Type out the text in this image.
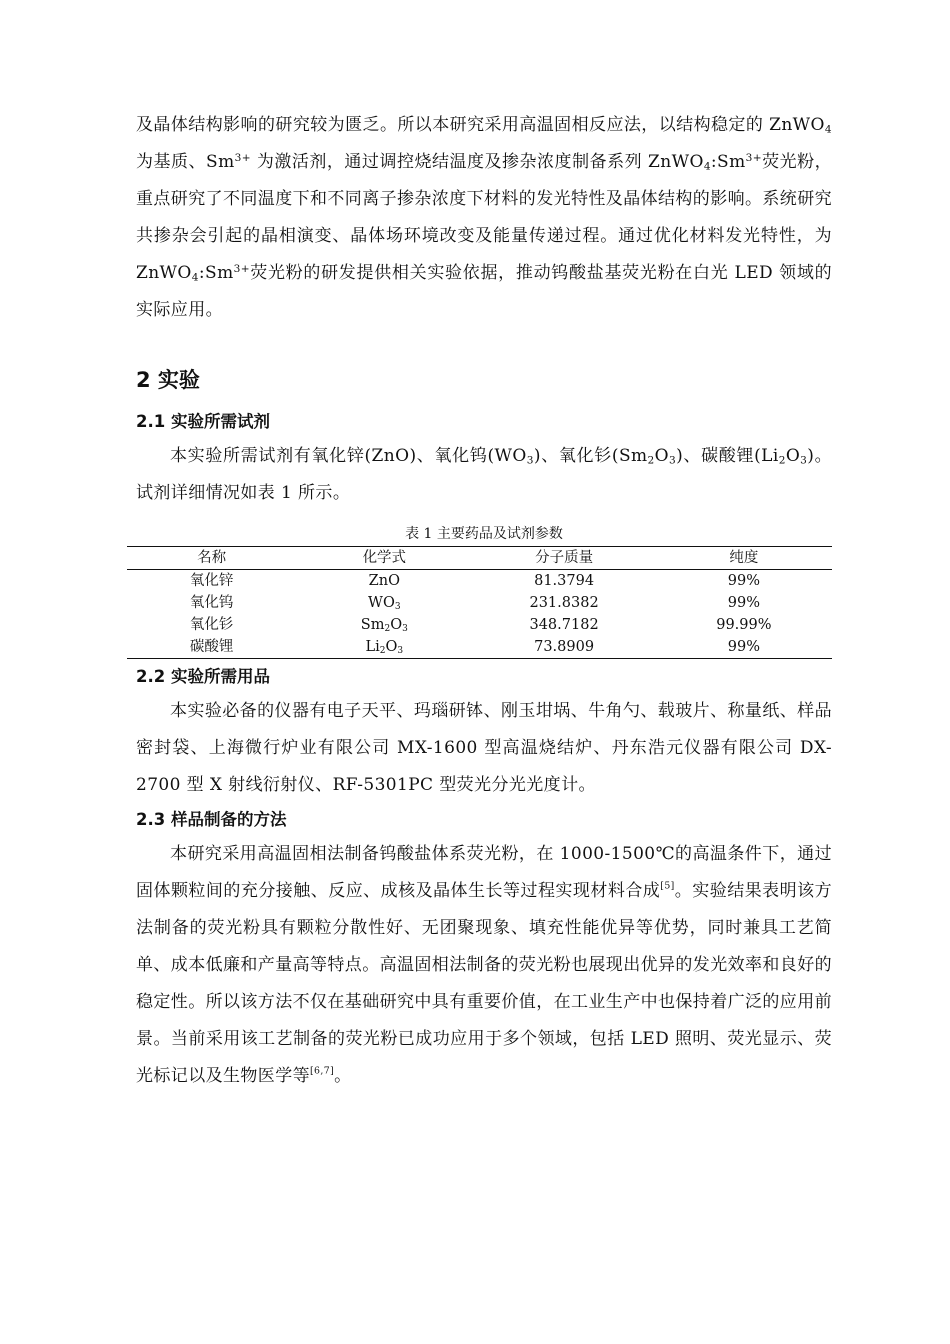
及晶体结构影响的研究较为匮乏。所以本研究采用高温固相反应法，以结构稳定的 ZnWO$_4$ 为基质、$Sm^{3+}$ 为激活剂，通过调控烧结温度及掺杂浓度制备系列 $ZnWO_4:Sm^{3+}$荧光粉，重点研究了不同温度下和不同离子掺杂浓度下材料的发光特性及晶体结构的影响。系统研究共掺杂会引起的晶相演变、晶体场环境改变及能量传递过程。通过优化材料发光特性，为 $ZnWO_4:Sm^{3+}$荧光粉的研发提供相关实验依据，推动钨酸盐基荧光粉在白光 LED 领域的实际应用。

2 实验
2.1 实验所需试剂

本实验所需试剂有氧化锌(ZnO)、氧化钨$(WO_3)$、氧化钐$(Sm_2O_3)$、碳酸锂$(Li_2O_3)$。试剂详细情况如表 1 所示。

表 1 主要药品及试剂参数
名称	化学式	分子质量	纯度
氧化锌	ZnO	81.3794	99%
氧化钨	$WO_3$	231.8382	99%
氧化钐	$Sm_2O_3$	348.7182	99.99%
碳酸锂	$Li_2O_3$	73.8909	99%
2.2 实验所需用品

本实验必备的仪器有电子天平、玛瑙研钵、刚玉坩埚、牛角勺、载玻片、称量纸、样品密封袋、上海微行炉业有限公司 MX-1600 型高温烧结炉、丹东浩元仪器有限公司 DX-2700 型 X 射线衍射仪、RF-5301PC 型荧光分光光度计。

2.3 样品制备的方法

本研究采用高温固相法制备钨酸盐体系荧光粉，在 1000-1500℃的高温条件下，通过固体颗粒间的充分接触、反应、成核及晶体生长等过程实现材料合成[5]。实验结果表明该方法制备的荧光粉具有颗粒分散性好、无团聚现象、填充性能优异等优势，同时兼具工艺简单、成本低廉和产量高等特点。高温固相法制备的荧光粉也展现出优异的发光效率和良好的稳定性。所以该方法不仅在基础研究中具有重要价值，在工业生产中也保持着广泛的应用前景。当前采用该工艺制备的荧光粉已成功应用于多个领域，包括 LED 照明、荧光显示、荧光标记以及生物医学等[6,7]。
